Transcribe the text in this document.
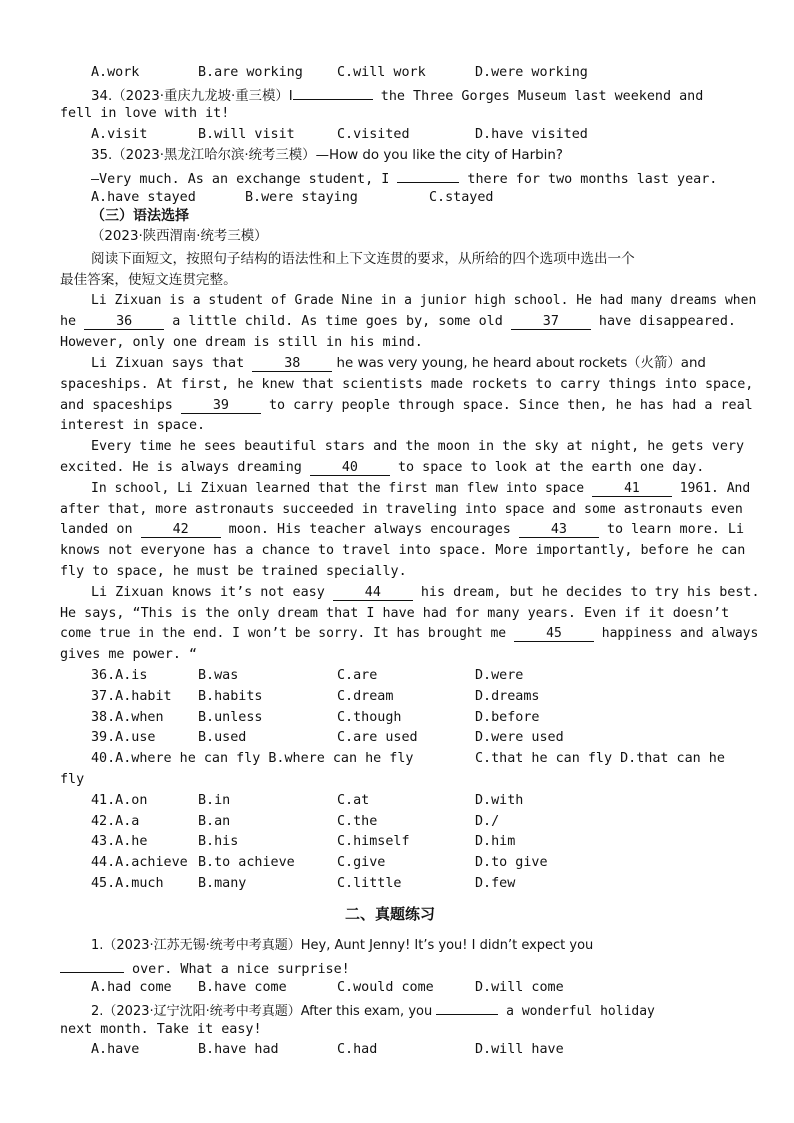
A.work	B.are working	C.will work	D.were working
34.（2023·重庆九龙坡·重三模）I	the Three Gorges Museum last weekend and
fell in love with it!
A.visit	B.will visit	C.visited	D.have visited
35.（2023·黑龙江哈尔滨·统考三模）—How do you like the city of Harbin?
—Very much. As an exchange student, I	there for two months last year.
A.have stayed	B.were staying	C.stayed
（三）语法选择
（2023·陕西渭南·统考三模）
阅读下面短文，按照句子结构的语法性和上下文连贯的要求，从所给的四个选项中选出一个
最佳答案，使短文连贯完整。
Li Zixuan is a student of Grade Nine in a junior high school. He had many dreams when
he 36 a little child. As time goes by, some old 37 have disappeared.
However, only one dream is still in his mind.
Li Zixuan says that 38 he was very young, he heard about rockets（火箭）and
spaceships. At first, he knew that scientists made rockets to carry things into space,
and spaceships 39 to carry people through space. Since then, he has had a real
interest in space.
Every time he sees beautiful stars and the moon in the sky at night, he gets very
excited. He is always dreaming 40 to space to look at the earth one day.
In school, Li Zixuan learned that the first man flew into space 41 1961. And
after that, more astronauts succeeded in traveling into space and some astronauts even
landed on 42 moon. His teacher always encourages 43 to learn more. Li
knows not everyone has a chance to travel into space. More importantly, before he can
fly to space, he must be trained specially.
Li Zixuan knows it’s not easy 44 his dream, but he decides to try his best.
He says, “This is the only dream that I have had for many years. Even if it doesn’t
come true in the end. I won’t be sorry. It has brought me 45 happiness and always
gives me power. “
36.A.is	B.was	C.are	D.were
37.A.habit B.habits	C.dream	D.dreams
38.A.when	B.unless	C.though	D.before
39.A.use	B.used	C.are used	D.were used
40.A.where he can fly B.where can he fly	C.that he can fly D.that can he
fly
41.A.on	B.in	C.at	D.with
42.A.a	B.an	C.the	D./
43.A.he	B.his	C.himself	D.him
44.A.achieve B.to achieve	C.give	D.to give
45.A.much	B.many	C.little	D.few
二、真题练习
1.（2023·江苏无锡·统考中考真题）Hey, Aunt Jenny! It’s you! I didn’t expect you
over. What a nice surprise!
A.had come B.have come	C.would come	D.will come
2.（2023·辽宁沈阳·统考中考真题）After this exam, you	a wonderful holiday
next month. Take it easy!
A.have	B.have had	C.had	D.will have
